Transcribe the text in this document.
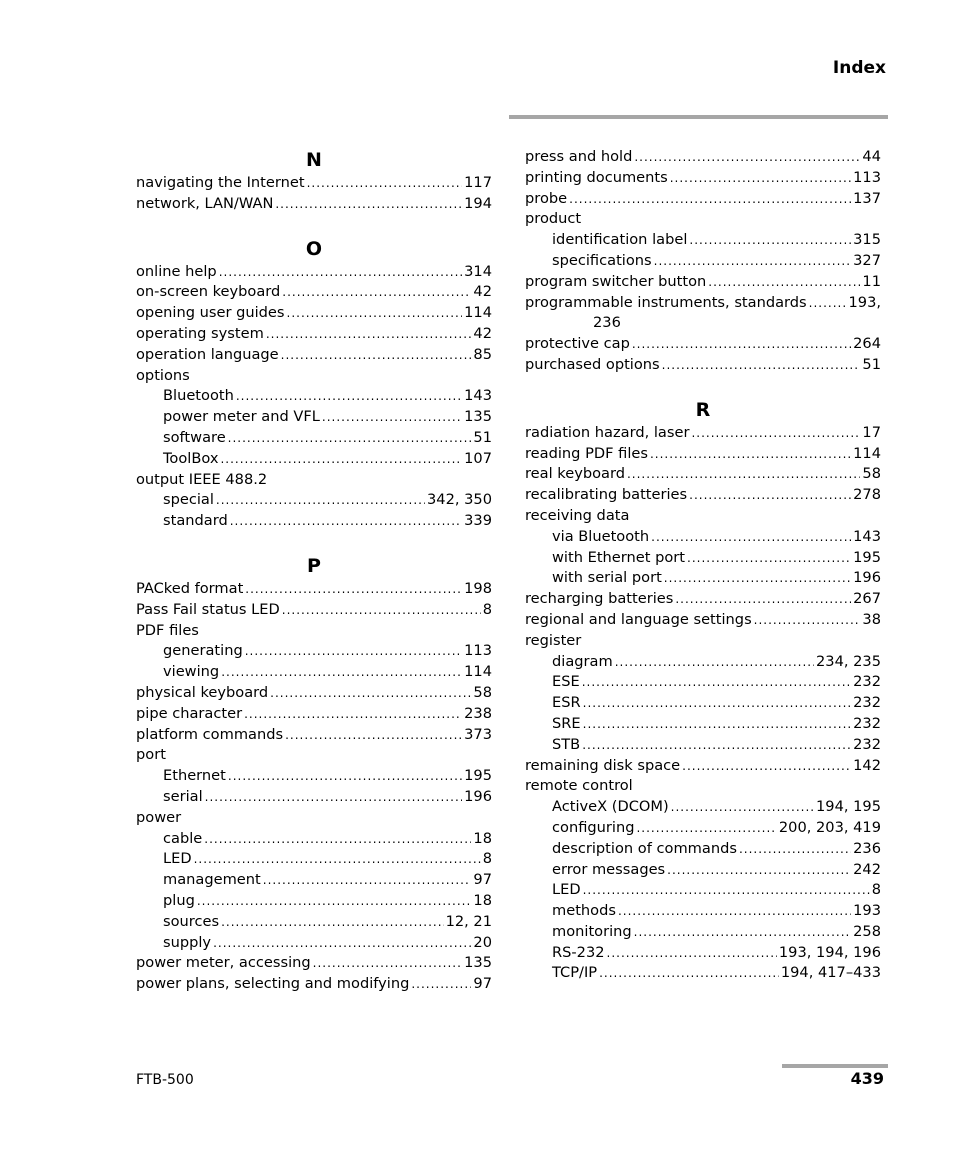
Index
N
navigating the Internet .....	117
network, LAN/WAN .....	194
O
online help .....	314
on-screen keyboard .....	42
opening user guides .....	114
operating system .....	42
operation language .....	85
options
Bluetooth .....	143
power meter and VFL .....	135
software .....	51
ToolBox .....	107
output IEEE 488.2
special .....	342, 350
standard .....	339
P
PACked format .....	198
Pass Fail status LED .....	8
PDF files
generating .....	113
viewing .....	114
physical keyboard .....	58
pipe character .....	238
platform commands .....	373
port
Ethernet .....	195
serial .....	196
power
cable .....	18
LED .....	8
management .....	97
plug .....	18
sources .....	12, 21
supply .....	20
power meter, accessing .....	135
power plans, selecting and modifying .....	97
press and hold .....	44
printing documents .....	113
probe .....	137
product
identification label .....	315
specifications .....	327
program switcher button .....	11
programmable instruments, standards .....	193,
236
protective cap .....	264
purchased options .....	51
R
radiation hazard, laser .....	17
reading PDF files .....	114
real keyboard .....	58
recalibrating batteries .....	278
receiving data
via Bluetooth .....	143
with Ethernet port .....	195
with serial port .....	196
recharging batteries .....	267
regional and language settings .....	38
register
diagram .....	234, 235
ESE .....	232
ESR .....	232
SRE .....	232
STB .....	232
remaining disk space .....	142
remote control
ActiveX (DCOM) .....	194, 195
configuring .....	200, 203, 419
description of commands .....	236
error messages .....	242
LED .....	8
methods .....	193
monitoring .....	258
RS-232 .....	193, 194, 196
TCP/IP .....	194, 417–433
FTB-500	439
